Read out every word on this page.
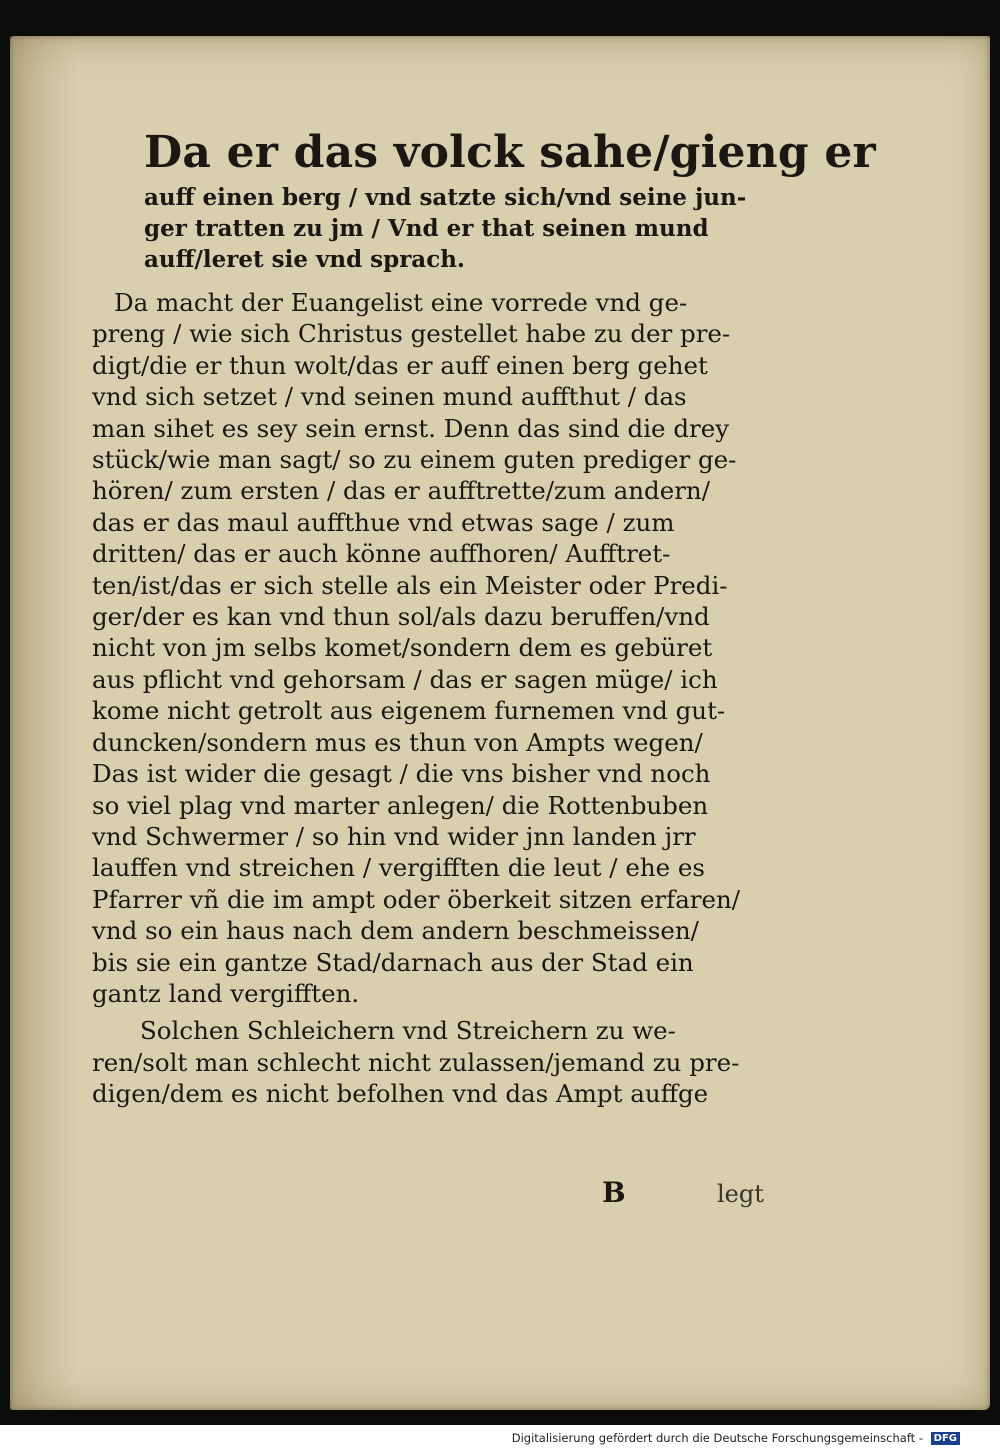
Da er das volck sahe/gieng er
auff einen berg / vnd satzte sich/vnd seine jun-
ger tratten zu jm / Vnd er that seinen mund
auff/leret sie vnd sprach.
Da macht der Euangelist eine vorrede vnd ge-
preng / wie sich Christus gestellet habe zu der pre-
digt/die er thun wolt/das er auff einen berg gehet
vnd sich setzet / vnd seinen mund auffthut / das
man sihet es sey sein ernst. Denn das sind die drey
stück/wie man sagt/ so zu einem guten prediger ge-
hören/ zum ersten / das er aufftrette/zum andern/
das er das maul auffthue vnd etwas sage / zum
dritten/ das er auch könne auffhoren/ Aufftret-
ten/ist/das er sich stelle als ein Meister oder Predi-
ger/der es kan vnd thun sol/als dazu beruffen/vnd
nicht von jm selbs komet/sondern dem es gebüret
aus pflicht vnd gehorsam / das er sagen müge/ ich
kome nicht getrolt aus eigenem furnemen vnd gut-
duncken/sondern mus es thun von Ampts wegen/
Das ist wider die gesagt / die vns bisher vnd noch
so viel plag vnd marter anlegen/ die Rottenbuben
vnd Schwermer / so hin vnd wider jnn landen jrr
lauffen vnd streichen / vergifften die leut / ehe es
Pfarrer vñ die im ampt oder öberkeit sitzen erfaren/
vnd so ein haus nach dem andern beschmeissen/
bis sie ein gantze Stad/darnach aus der Stad ein
gantz land vergifften.
Solchen Schleichern vnd Streichern zu we-
ren/solt man schlecht nicht zulassen/jemand zu pre-
digen/dem es nicht befolhen vnd das Ampt auffge
B	legt
Digitalisierung gefördert durch die Deutsche Forschungsgemeinschaft - DFG
